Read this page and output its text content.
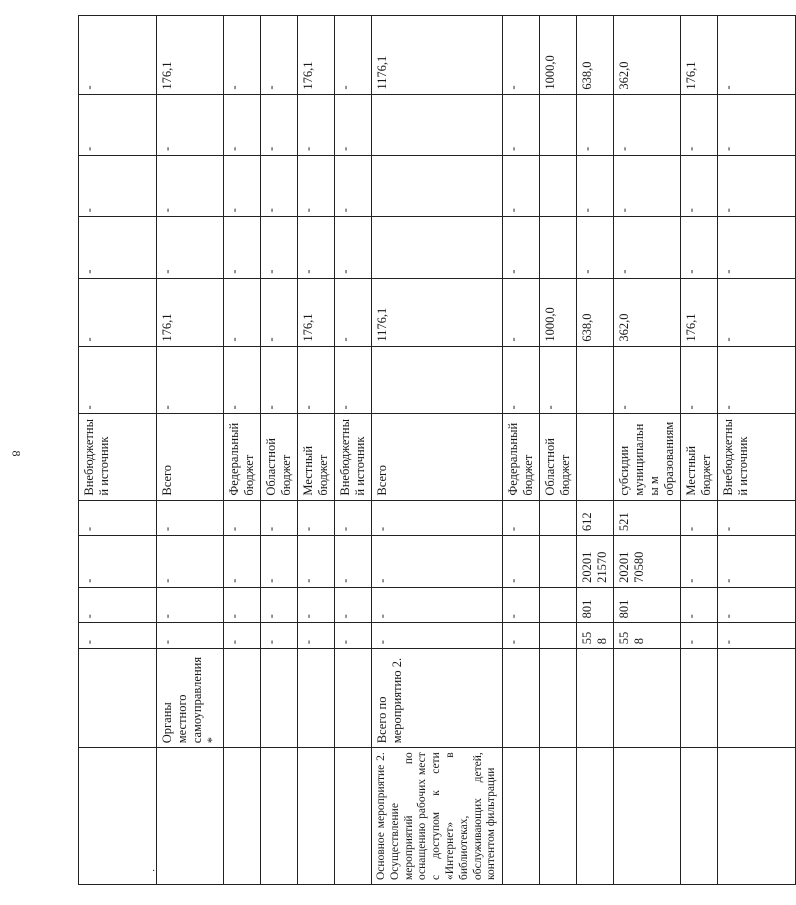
8
·
		-	-	-	-	Внебюджетный источник	-	-	-	-	-	-
	Органы местного самоуправления*	-	-	-	-	Всего	-	176,1	-	-	-	176,1
		-	-	-	-	Федеральный бюджет	-	-	-	-	-	-
		-	-	-	-	Областной бюджет	-	-	-	-	-	-
		-	-	-	-	Местный бюджет	-	176,1	-	-	-	176,1
		-	-	-	-	Внебюджетный источник	-	-	-	-	-	-
Основное мероприятие 2. Осуществление мероприятий по оснащению рабочих мест с доступом к сети «Интернет» в библиотеках, обслуживающих детей, контентом фильтрации	Всего по мероприятию 2.	-	-	-	-	Всего		1176,1				1176,1
		-	-	-	-	Федеральный бюджет	-	-	-	-	-	-
						Областной бюджет	-	1000,0				1000,0
		558	801	20201 21570	612			638,0	-	-	-	638,0
		558	801	20201 70580	521	субсидии муниципальны м образованиям	-	362,0	-	-	-	362,0
		-	-	-	-	Местный бюджет	-	176,1	-	-	-	176,1
		-	-	-	-	Внебюджетный источник	-	-	-	-	-	-
